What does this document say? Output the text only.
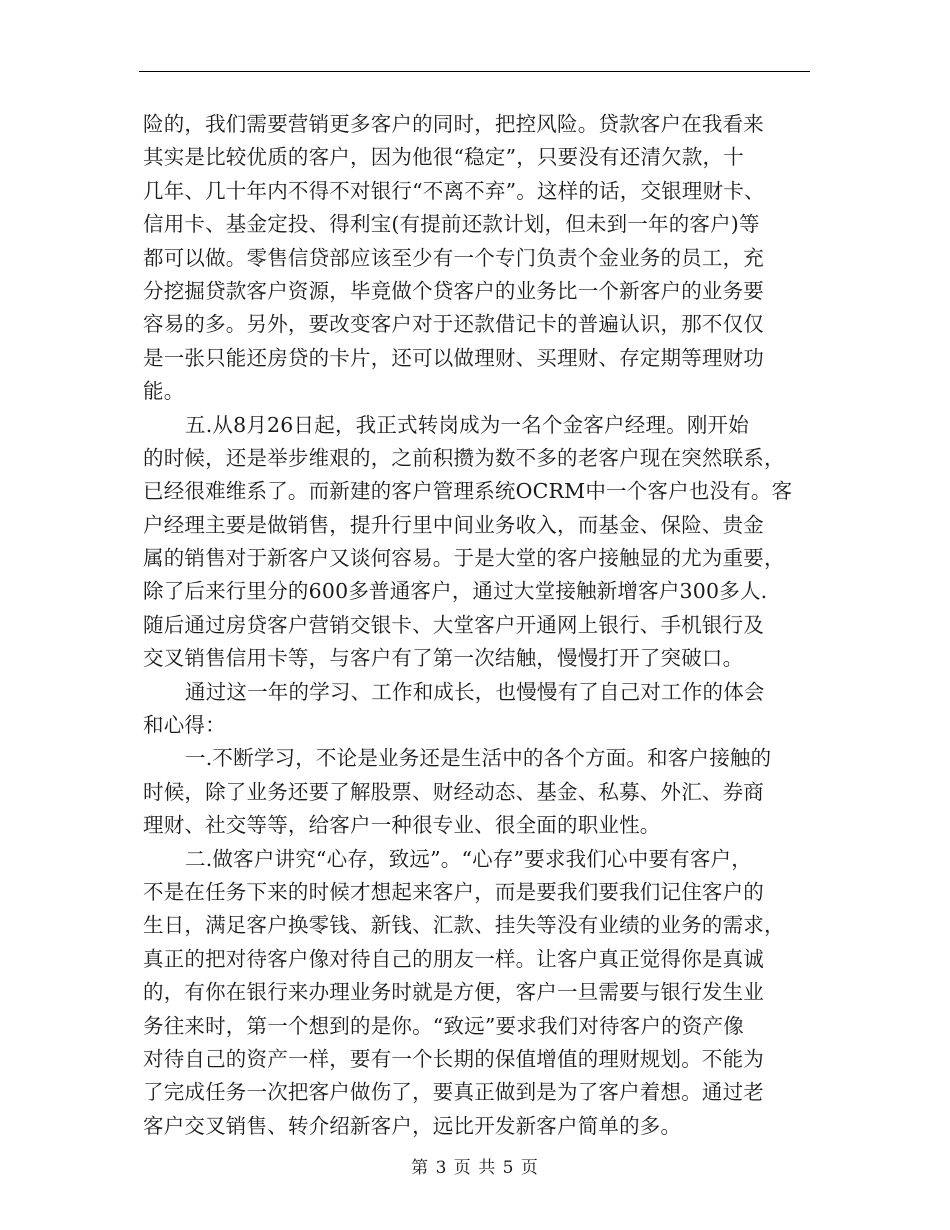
险的，我们需要营销更多客户的同时，把控风险。贷款客户在我看来
其实是比较优质的客户，因为他很“稳定”，只要没有还清欠款，十
几年、几十年内不得不对银行“不离不弃”。这样的话，交银理财卡、
信用卡、基金定投、得利宝(有提前还款计划，但未到一年的客户)等
都可以做。零售信贷部应该至少有一个专门负责个金业务的员工，充
分挖掘贷款客户资源，毕竟做个贷客户的业务比一个新客户的业务要
容易的多。另外，要改变客户对于还款借记卡的普遍认识，那不仅仅
是一张只能还房贷的卡片，还可以做理财、买理财、存定期等理财功
能。
五.从8月26日起，我正式转岗成为一名个金客户经理。刚开始
的时候，还是举步维艰的，之前积攒为数不多的老客户现在突然联系，
已经很难维系了。而新建的客户管理系统OCRM中一个客户也没有。客
户经理主要是做销售，提升行里中间业务收入，而基金、保险、贵金
属的销售对于新客户又谈何容易。于是大堂的客户接触显的尤为重要，
除了后来行里分的600多普通客户，通过大堂接触新增客户300多人.
随后通过房贷客户营销交银卡、大堂客户开通网上银行、手机银行及
交叉销售信用卡等，与客户有了第一次结触，慢慢打开了突破口。
通过这一年的学习、工作和成长，也慢慢有了自己对工作的体会
和心得：
一.不断学习，不论是业务还是生活中的各个方面。和客户接触的
时候，除了业务还要了解股票、财经动态、基金、私募、外汇、券商
理财、社交等等，给客户一种很专业、很全面的职业性。
二.做客户讲究“心存，致远”。“心存”要求我们心中要有客户，
不是在任务下来的时候才想起来客户，而是要我们要我们记住客户的
生日，满足客户换零钱、新钱、汇款、挂失等没有业绩的业务的需求，
真正的把对待客户像对待自己的朋友一样。让客户真正觉得你是真诚
的，有你在银行来办理业务时就是方便，客户一旦需要与银行发生业
务往来时，第一个想到的是你。“致远”要求我们对待客户的资产像
对待自己的资产一样，要有一个长期的保值增值的理财规划。不能为
了完成任务一次把客户做伤了，要真正做到是为了客户着想。通过老
客户交叉销售、转介绍新客户，远比开发新客户简单的多。
第 3 页 共 5 页
